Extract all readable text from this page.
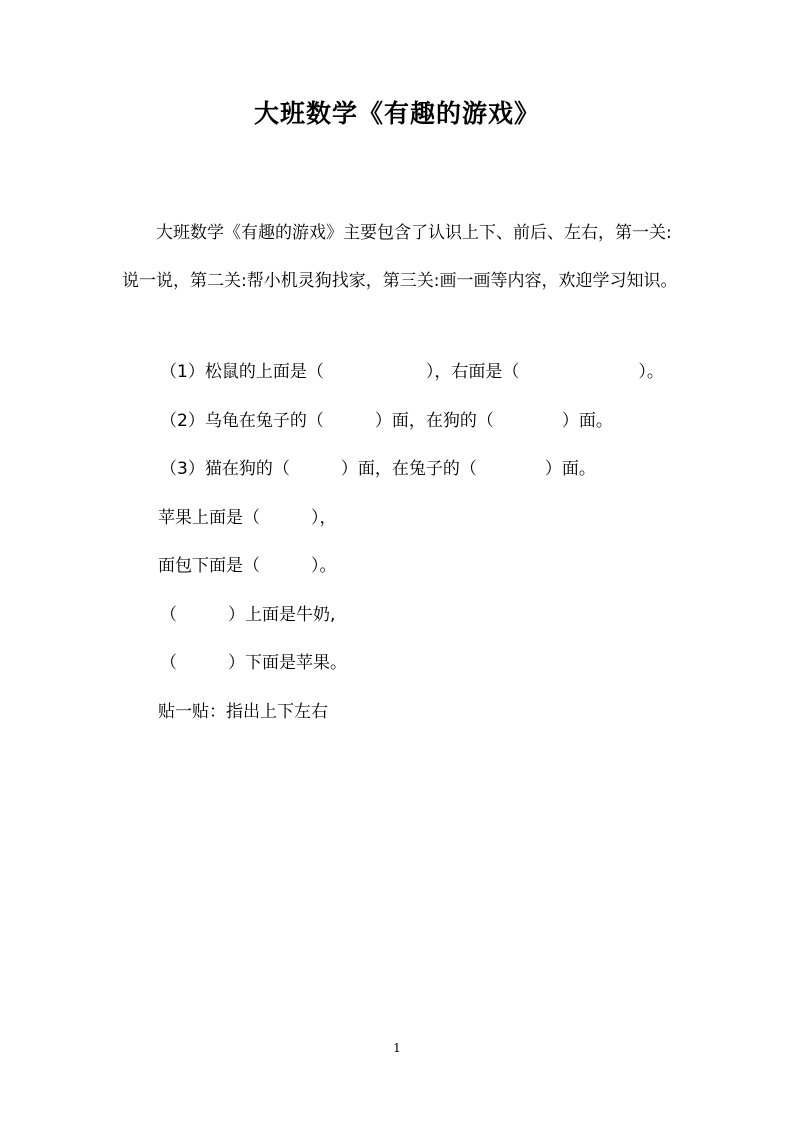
大班数学《有趣的游戏》

大班数学《有趣的游戏》主要包含了认识上下、前后、左右，第一关:说一说，第二关:帮小机灵狗找家，第三关:画一画等内容，欢迎学习知识。

（1）松鼠的上面是（　　　　　　），右面是（　　　　　　　）。

（2）乌龟在兔子的（　　　）面，在狗的（　　　　）面。

（3）猫在狗的（　　　）面，在兔子的（　　　　）面。

苹果上面是（　　　），

面包下面是（　　　）。

（　　　）上面是牛奶,

（　　　）下面是苹果。

贴一贴：指出上下左右

1
